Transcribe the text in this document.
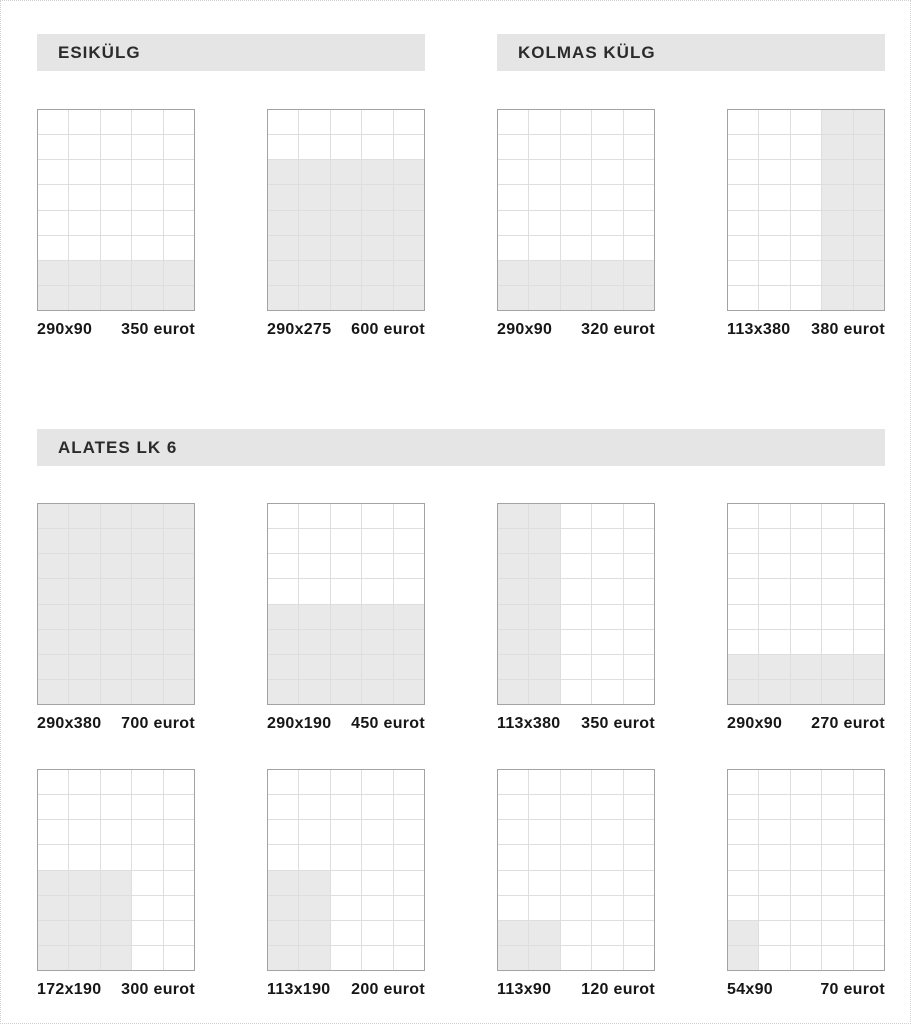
ESIKÜLG	KOLMAS KÜLG
290x90 350 eurot	290x275 600 eurot	290x90 320 eurot	113x380 380 eurot
ALATES LK 6
290x380 700 eurot	290x190 450 eurot	113x380 350 eurot	290x90 270 eurot
172x190 300 eurot	113x190 200 eurot	113x90 120 eurot	54x90	70 eurot
